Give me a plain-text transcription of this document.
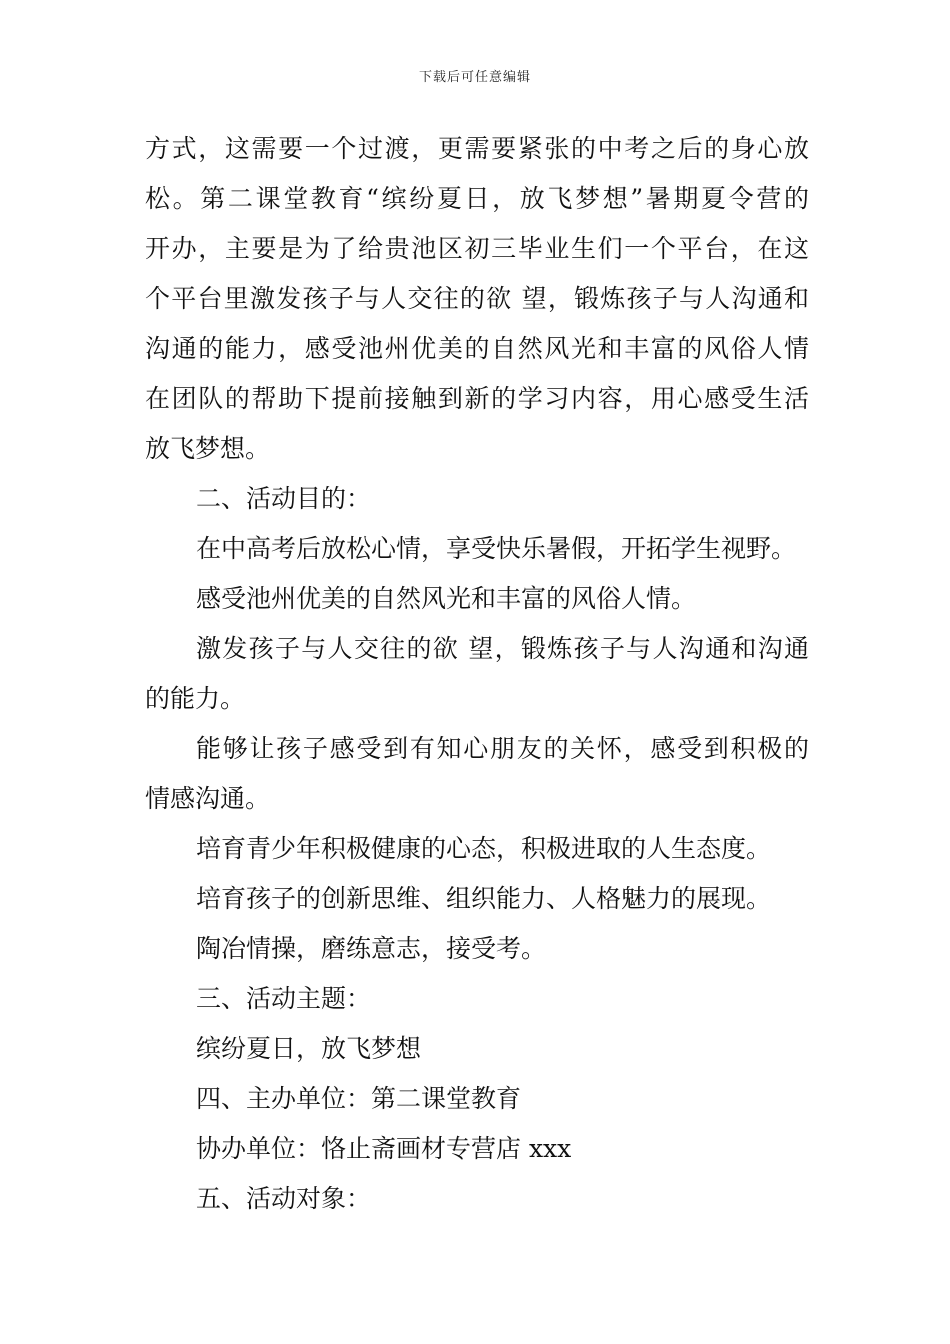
下载后可任意编辑
方式，这需要一个过渡，更需要紧张的中考之后的身心放
松。第二课堂教育“缤纷夏日，放飞梦想”暑期夏令营的
开办，主要是为了给贵池区初三毕业生们一个平台，在这
个平台里激发孩子与人交往的欲 望，锻炼孩子与人沟通和
沟通的能力，感受池州优美的自然风光和丰富的风俗人情
在团队的帮助下提前接触到新的学习内容，用心感受生活
放飞梦想。
二、活动目的：
在中高考后放松心情，享受快乐暑假，开拓学生视野。
感受池州优美的自然风光和丰富的风俗人情。
激发孩子与人交往的欲 望，锻炼孩子与人沟通和沟通
的能力。
能够让孩子感受到有知心朋友的关怀，感受到积极的
情感沟通。
培育青少年积极健康的心态，积极进取的人生态度。
培育孩子的创新思维、组织能力、人格魅力的展现。
陶冶情操，磨练意志，接受考。
三、活动主题：
缤纷夏日，放飞梦想
四、主办单位：第二课堂教育
协办单位：恪止斋画材专营店 xxx
五、活动对象：
